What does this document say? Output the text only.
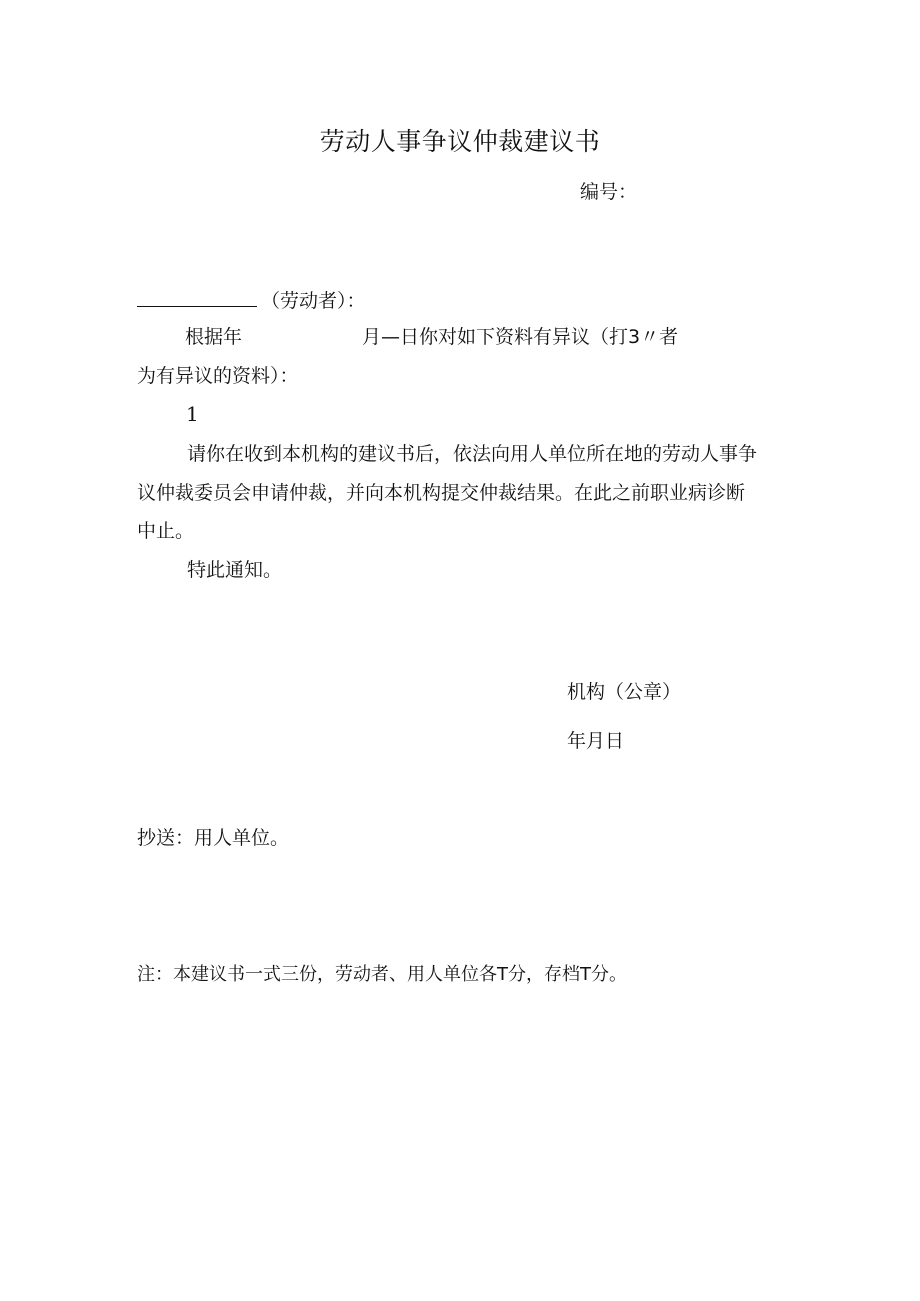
劳动人事争议仲裁建议书
编号：
（劳动者）：
根据年	月—日你对如下资料有异议（打3〃者
为有异议的资料）：
1
请你在收到本机构的建议书后，依法向用人单位所在地的劳动人事争
议仲裁委员会申请仲裁，并向本机构提交仲裁结果。在此之前职业病诊断
中止。
特此通知。
机构（公章）
年月日
抄送：用人单位。
注：本建议书一式三份，劳动者、用人单位各T分，存档T分。
